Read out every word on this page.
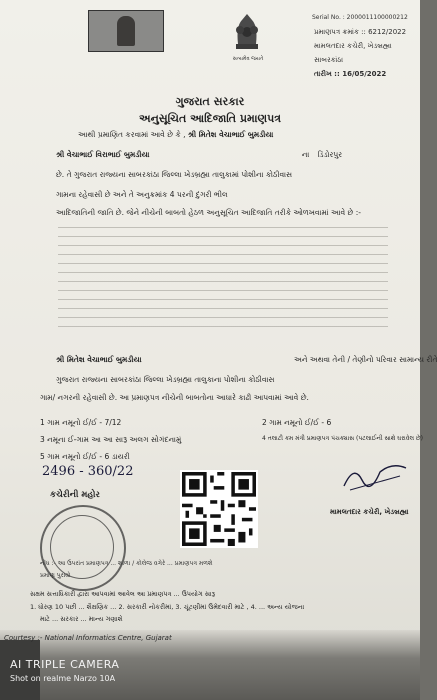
સત્યમેવ જયતે
Serial No. : 2000011100000212
પ્રમાણપત્ર ક્રમાંક :: 6212/2022
મામલતદાર કચેરી, ખેડબ્રહ્મા
સાબરકાંઠા
તારીખ :: 16/05/2022
ગુજરાત સરકાર
અનુસૂચિત આદિજાતિ પ્રમાણપત્ર
આથી પ્રમાણિત કરવામાં આવે છે કે , શ્રી મિતેશ વેચાભાઈ બુમડીયા
શ્રી વેચાભાઈ વિરાભાઈ બુમડીયા	ના ડિંડોરપુર
છે. તે ગુજરાત રાજ્યના સાબરકાંઠા જિલ્લા ખેડબ્રહ્મા તાલુકામાં પોશીના કોઠીવાસ
ગામના રહેવાસી છે અને તે અનુક્રમાંક 4 પરની દુંગરી ભીલ
આદિજાતિની જાતિ છે. જેને નીચેની બાબતો હેઠળ અનુસૂચિત આદિજાતિ તરીકે ઓળખવામાં આવે છે :-
શ્રી મિતેશ વેચાભાઈ બુમડીયા	અને અથવા તેની / તેણીનો પરિવાર સામાન્ય રીતે
ગુજરાત રાજ્યના સાબરકાંઠા જિલ્લા ખેડબ્રહ્મા તાલુકાના પોશીના કોઠીવાસ
ગામ/ નગરની રહેવાસી છે. આ પ્રમાણપત્ર નીચેની બાબતોના આધારે કાઢી આપવામાં આવે છે.
1 ગામ નમૂનો ઈ/ઈ - 7/12	2 ગામ નમૂનો ઈ/ઈ - 6
3 નમૂના ઈ-ગામ આ આ સારૂ અલગ સોગંદનામું	4 તલાટી કમ મંત્રી પ્રમાણપત્ર પંચક્યાસ (પટલાઈની સાથે ઘરાવેલ છે)
5 ગામ નમૂનો ઈ/ઈ - 6 ડાયરી
2496 - 360/22
કચેરીની મહોર
મામલતદાર કચેરી, ખેડબ્રહ્મા
નોંધ :- આ ઉપરાંત પ્રમાણપત્ર ... શાળા / કોલેજ વગેરે ... પ્રમાણપત્ર મળશે
પ્રમાણ પુરાવો
સક્ષમ સત્તાધિકારી દ્વારા આપવામાં આવેલ આ પ્રમાણપત્ર ... ઉપયોગ સારૂ
1. ધોરણ 10 પછી ... શૈક્ષણિક ... 2. સરકારી નોકરીમાં, 3. ચૂંટણીમાં ઉમેદવારી માટે , 4. ... અન્ય યોજના
માટે ... સરકાર ... માન્ય ગણાશે
Courtesy :- National Informatics Centre, Gujarat
AI TRIPLE CAMERA
Shot on realme Narzo 10A
